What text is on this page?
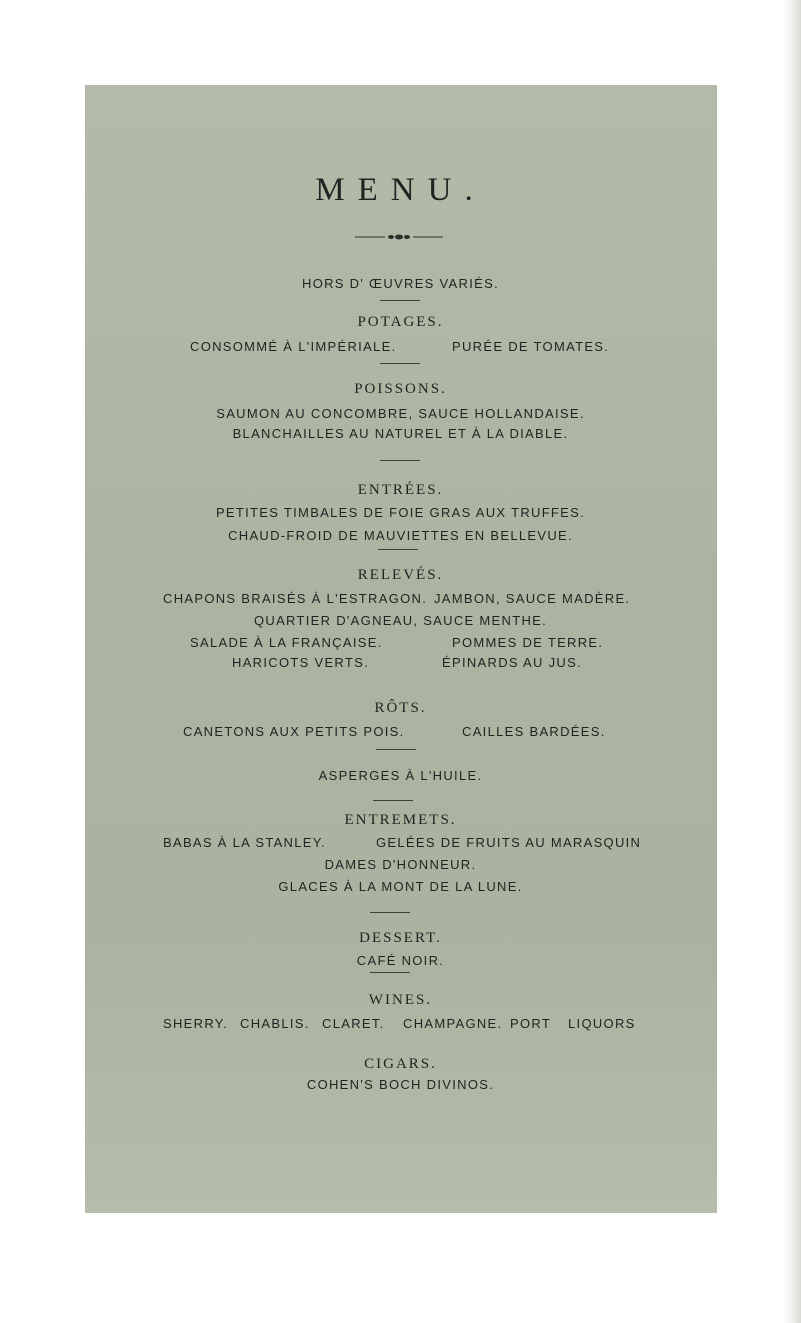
MENU.
HORS D' ŒUVRES VARIÉS.
POTAGES.
CONSOMMÉ À L'IMPÉRIALE.	PURÉE DE TOMATES.
POISSONS.
SAUMON AU CONCOMBRE, SAUCE HOLLANDAISE.
BLANCHAILLES AU NATUREL ET À LA DIABLE.
ENTRÉES.
PETITES TIMBALES DE FOIE GRAS AUX TRUFFES.
CHAUD-FROID DE MAUVIETTES EN BELLEVUE.
RELEVÉS.
CHAPONS BRAISÉS À L'ESTRAGON. JAMBON, SAUCE MADÈRE.
QUARTIER D'AGNEAU, SAUCE MENTHE.
SALADE À LA FRANÇAISE.	POMMES DE TERRE.
HARICOTS VERTS.	ÉPINARDS AU JUS.
RÔTS.
CANETONS AUX PETITS POIS.	CAILLES BARDÉES.
ASPERGES À L'HUILE.
ENTREMETS.
BABAS À LA STANLEY.	GELÉES DE FRUITS AU MARASQUIN
DAMES D'HONNEUR.
GLACES À LA MONT DE LA LUNE.
DESSERT.
CAFÉ NOIR.
WINES.
SHERRY. CHABLIS. CLARET. CHAMPAGNE. PORT LIQUORS
CIGARS.
COHEN'S BOCH DIVINOS.
